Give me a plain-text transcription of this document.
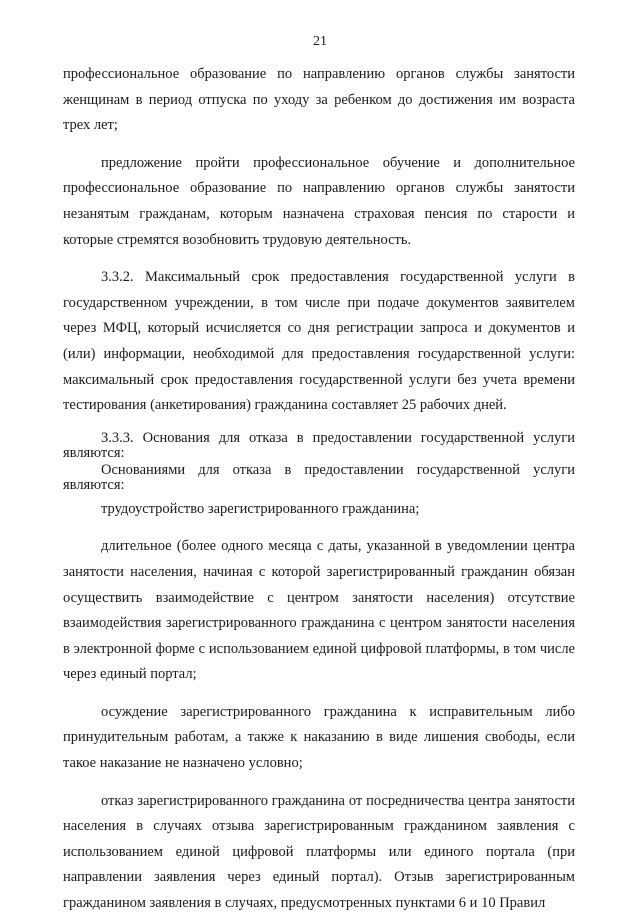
21

профессиональное образование по направлению органов службы занятости женщинам в период отпуска по уходу за ребенком до достижения им возраста трех лет;

предложение пройти профессиональное обучение и дополнительное профессиональное образование по направлению органов службы занятости незанятым гражданам, которым назначена страховая пенсия по старости и которые стремятся возобновить трудовую деятельность.

3.3.2. Максимальный срок предоставления государственной услуги в государственном учреждении, в том числе при подаче документов заявителем через МФЦ, который исчисляется со дня регистрации запроса и документов и (или) информации, необходимой для предоставления государственной услуги: максимальный срок предоставления государственной услуги без учета времени тестирования (анкетирования) гражданина составляет 25 рабочих дней.

3.3.3. Основания для отказа в предоставлении государственной услуги являются:

Основаниями для отказа в предоставлении государственной услуги являются:

трудоустройство зарегистрированного гражданина;

длительное (более одного месяца с даты, указанной в уведомлении центра занятости населения, начиная с которой зарегистрированный гражданин обязан осуществить взаимодействие с центром занятости населения) отсутствие взаимодействия зарегистрированного гражданина с центром занятости населения в электронной форме с использованием единой цифровой платформы, в том числе через единый портал;

осуждение зарегистрированного гражданина к исправительным либо принудительным работам, а также к наказанию в виде лишения свободы, если такое наказание не назначено условно;

отказ зарегистрированного гражданина от посредничества центра занятости населения в случаях отзыва зарегистрированным гражданином заявления с использованием единой цифровой платформы или единого портала (при направлении заявления через единый портал). Отзыв зарегистрированным гражданином заявления в случаях, предусмотренных пунктами 6 и 10 Правил
